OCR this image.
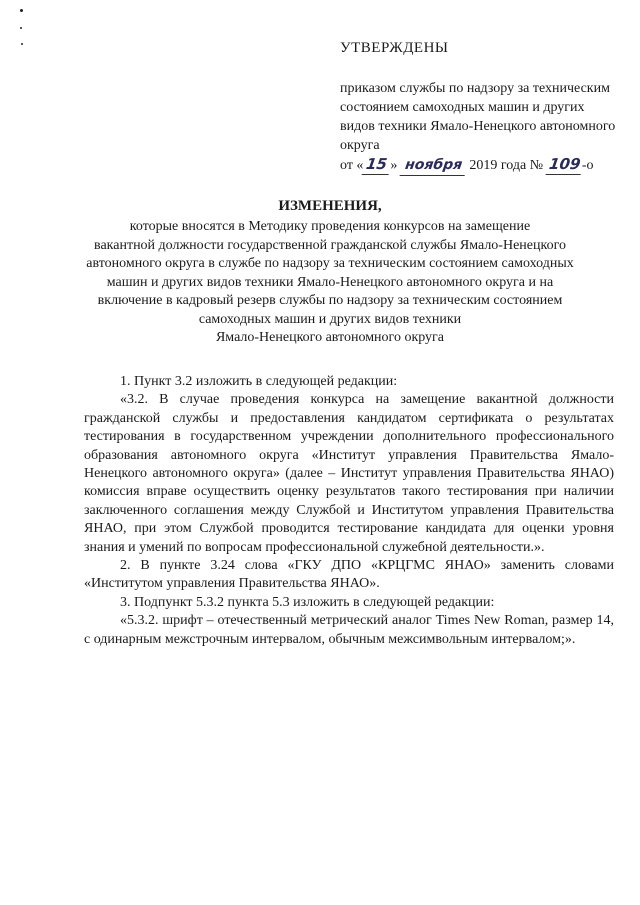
УТВЕРЖДЕНЫ
приказом службы по надзору за техническим состоянием самоходных машин и других видов техники Ямало-Ненецкого автономного округа
от « 15 » ноября 2019 года № 109-о
ИЗМЕНЕНИЯ,
которые вносятся в Методику проведения конкурсов на замещение
вакантной должности государственной гражданской службы Ямало-Ненецкого
автономного округа в службе по надзору за техническим состоянием самоходных
машин и других видов техники Ямало-Ненецкого автономного округа и на
включение в кадровый резерв службы по надзору за техническим состоянием
самоходных машин и других видов техники
Ямало-Ненецкого автономного округа

1. Пункт 3.2 изложить в следующей редакции:

«3.2. В случае проведения конкурса на замещение вакантной должности гражданской службы и предоставления кандидатом сертификата о результатах тестирования в государственном учреждении дополнительного профессионального образования автономного округа «Институт управления Правительства Ямало-Ненецкого автономного округа» (далее – Институт управления Правительства ЯНАО) комиссия вправе осуществить оценку результатов такого тестирования при наличии заключенного соглашения между Службой и Институтом управления Правительства ЯНАО, при этом Службой проводится тестирование кандидата для оценки уровня знания и умений по вопросам профессиональной служебной деятельности.».

2. В пункте 3.24 слова «ГКУ ДПО «КРЦГМС ЯНАО» заменить словами «Институтом управления Правительства ЯНАО».

3. Подпункт 5.3.2 пункта 5.3 изложить в следующей редакции:

«5.3.2. шрифт – отечественный метрический аналог Times New Roman, размер 14, с одинарным межстрочным интервалом, обычным межсимвольным интервалом;».
